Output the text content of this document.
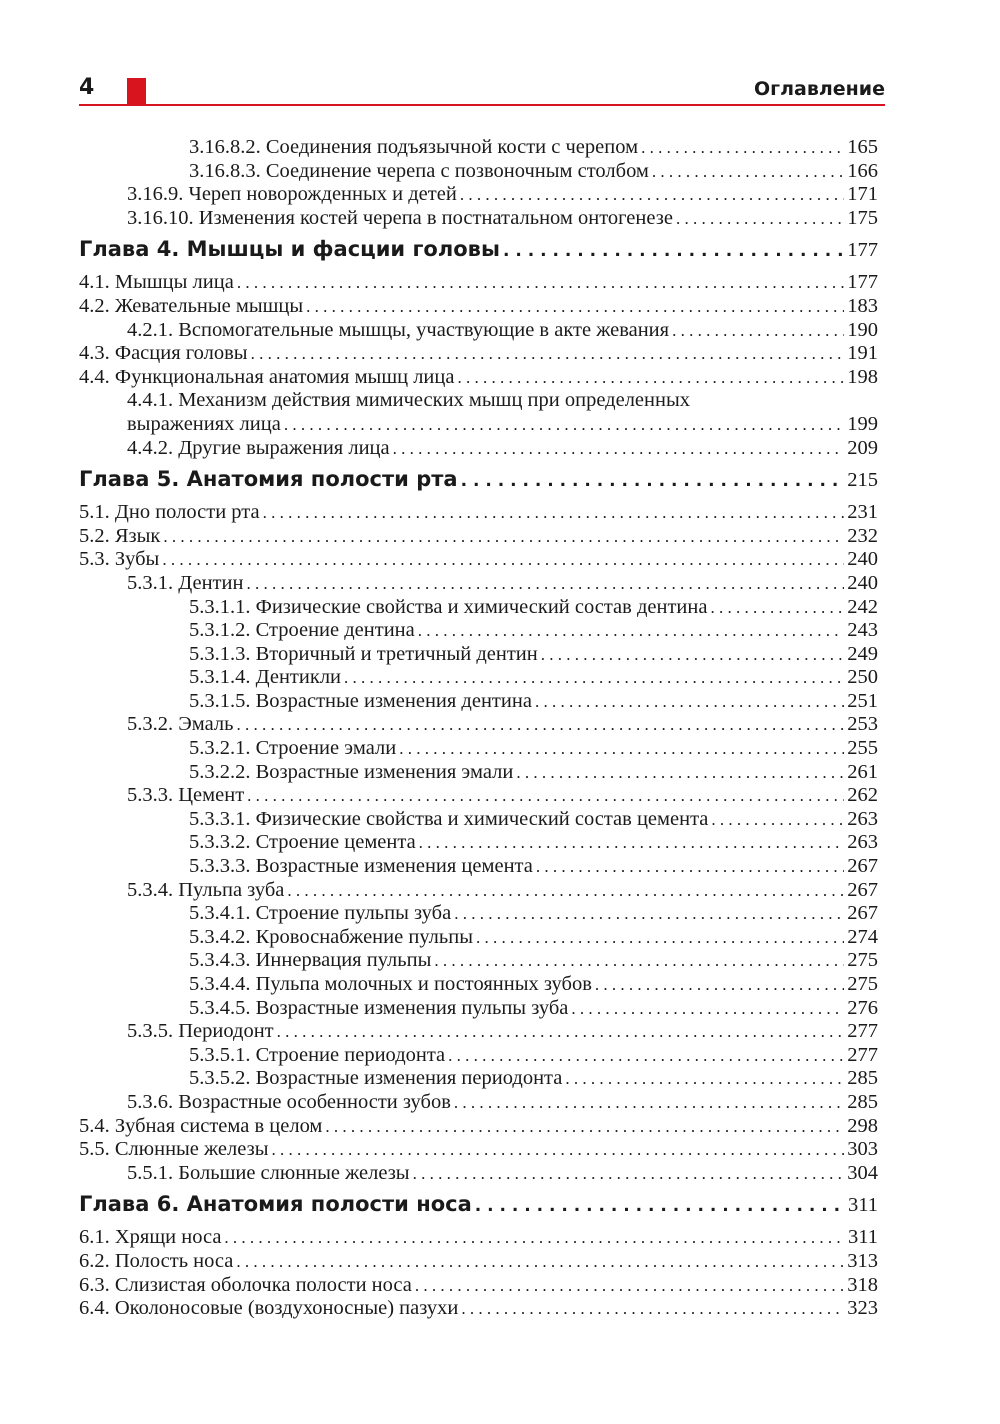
4	Оглавление
3.16.8.2. Соединения подъязычной кости с черепом . . .	165
3.16.8.3. Соединение черепа с позвоночным столбом . . .	166
3.16.9. Череп новорожденных и детей . . .	171
3.16.10. Изменения костей черепа в постнатальном онтогенезе . . .	175
Глава 4. Мышцы и фасции головы . . .	177
4.1. Мышцы лица . . .	177
4.2. Жевательные мышцы . . .	183
4.2.1. Вспомогательные мышцы, участвующие в акте жевания . . .	190
4.3. Фасция головы . . .	191
4.4. Функциональная анатомия мышц лица . . .	198
4.4.1. Механизм действия мимических мышц при определенных
выражениях лица . . .	199
4.4.2. Другие выражения лица . . .	209
Глава 5. Анатомия полости рта . . .	215
5.1. Дно полости рта . . .	231
5.2. Язык . . .	232
5.3. Зубы . . .	240
5.3.1. Дентин . . .	240
5.3.1.1. Физические свойства и химический состав дентина . . .	242
5.3.1.2. Строение дентина . . .	243
5.3.1.3. Вторичный и третичный дентин . . .	249
5.3.1.4. Дентикли . . .	250
5.3.1.5. Возрастные изменения дентина . . .	251
5.3.2. Эмаль . . .	253
5.3.2.1. Строение эмали . . .	255
5.3.2.2. Возрастные изменения эмали . . .	261
5.3.3. Цемент . . .	262
5.3.3.1. Физические свойства и химический состав цемента . . .	263
5.3.3.2. Строение цемента . . .	263
5.3.3.3. Возрастные изменения цемента . . .	267
5.3.4. Пульпа зуба . . .	267
5.3.4.1. Строение пульпы зуба . . .	267
5.3.4.2. Кровоснабжение пульпы . . .	274
5.3.4.3. Иннервация пульпы . . .	275
5.3.4.4. Пульпа молочных и постоянных зубов . . .	275
5.3.4.5. Возрастные изменения пульпы зуба . . .	276
5.3.5. Периодонт . . .	277
5.3.5.1. Строение периодонта . . .	277
5.3.5.2. Возрастные изменения периодонта . . .	285
5.3.6. Возрастные особенности зубов . . .	285
5.4. Зубная система в целом . . .	298
5.5. Слюнные железы . . .	303
5.5.1. Большие слюнные железы . . .	304
Глава 6. Анатомия полости носа . . .	311
6.1. Хрящи носа . . .	311
6.2. Полость носа . . .	313
6.3. Слизистая оболочка полости носа . . .	318
6.4. Околоносовые (воздухоносные) пазухи . . .	323
